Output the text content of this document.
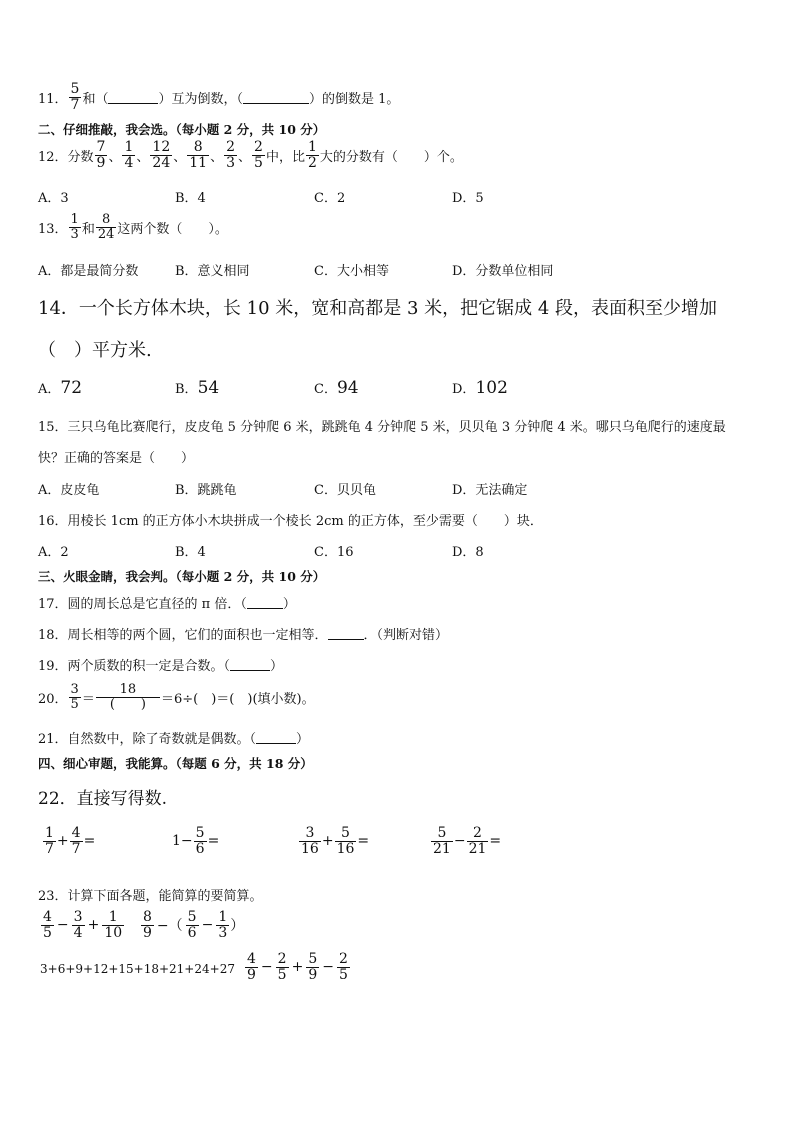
11． $\frac{5}{7}$ 和（	）互为倒数，（	）的倒数是 1。
二、仔细推敲，我会选。（每小题 2 分，共 10 分）
12．分数 $\frac{7}{9}$ 、 $\frac{1}{4}$ 、 $\frac{12}{24}$ 、 $\frac{8}{11}$ 、 $\frac{2}{3}$ 、 $\frac{2}{5}$ 中，比 $\frac{1}{2}$ 大的分数有（　　）个。
A．3	B．4	C．2	D．5
13． $\frac{1}{3}$ 和 $\frac{8}{24}$ 这两个数（　　）。
A．都是最简分数	B．意义相同	C．大小相等	D．分数单位相同
14．一个长方体木块，长 10 米，宽和高都是 3 米，把它锯成 4 段，表面积至少增加
（　）平方米.
A．72	B．54	C．94	D．102
15．三只乌龟比赛爬行，皮皮龟 5 分钟爬 6 米，跳跳龟 4 分钟爬 5 米，贝贝龟 3 分钟爬 4 米。哪只乌龟爬行的速度最
快？正确的答案是（　　）
A．皮皮龟	B．跳跳龟	C．贝贝龟	D．无法确定
16．用棱长 1cm 的正方体小木块拼成一个棱长 2cm 的正方体，至少需要（　　）块．
A．2	B．4	C．16	D．8
三、火眼金睛，我会判。（每小题 2 分，共 10 分）
17．圆的周长总是它直径的 π 倍．（	）
18．周长相等的两个圆，它们的面积也一定相等．	．（判断对错）
19．两个质数的积一定是合数。（	）
20． $\frac{3}{5} = \frac{18}{( )} =6\div$(　)＝(　)(填小数)。
21．自然数中，除了奇数就是偶数。（	）
四、细心审题，我能算。（每题 6 分，共 18 分）
22．直接写得数.
$\frac{1}{7} + \frac{4}{7}$ =	$1- \frac{5}{6}$ =	$\frac{3}{16} + \frac{5}{16}$ =	$\frac{5}{21} - \frac{2}{21}$ =
23．计算下面各题，能简算的要简算。
$\frac{4}{5} - \frac{3}{4} + \frac{1}{10} \frac{8}{9}$ −（ $\frac{5}{6} - \frac{1}{3}$ ）
$3+6+9+12+15+18+21+24+27 \frac{4}{9} - \frac{2}{5} + \frac{5}{9} - \frac{2}{5}$
